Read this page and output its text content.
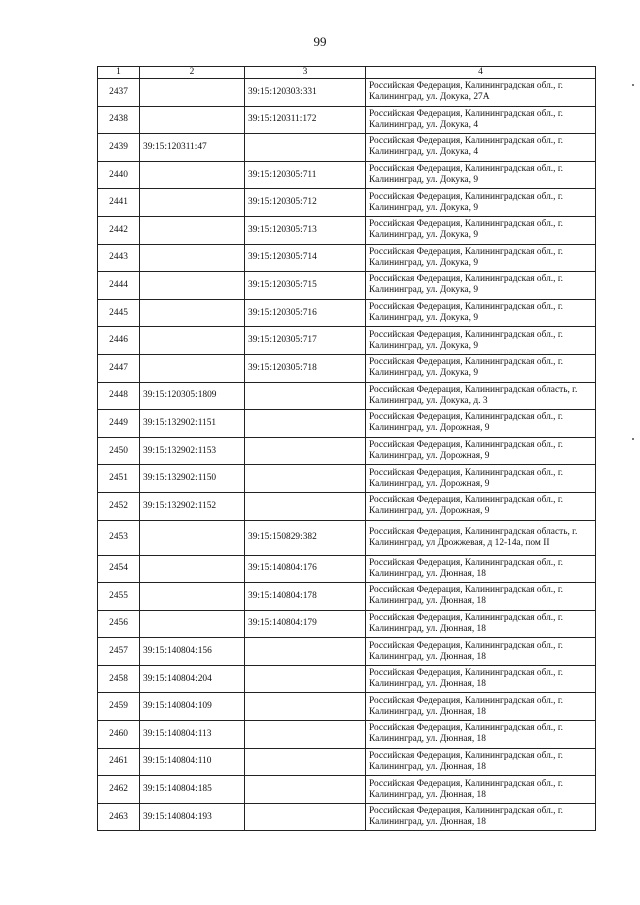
99
1	2	3	4
2437		39:15:120303:331	Российская Федерация, Калининградская обл., г. Калининград, ул. Докука, 27А
2438		39:15:120311:172	Российская Федерация, Калининградская обл., г. Калининград, ул. Докука, 4
2439	39:15:120311:47		Российская Федерация, Калининградская обл., г. Калининград, ул. Докука, 4
2440		39:15:120305:711	Российская Федерация, Калининградская обл., г. Калининград, ул. Докука, 9
2441		39:15:120305:712	Российская Федерация, Калининградская обл., г. Калининград, ул. Докука, 9
2442		39:15:120305:713	Российская Федерация, Калининградская обл., г. Калининград, ул. Докука, 9
2443		39:15:120305:714	Российская Федерация, Калининградская обл., г. Калининград, ул. Докука, 9
2444		39:15:120305:715	Российская Федерация, Калининградская обл., г. Калининград, ул. Докука, 9
2445		39:15:120305:716	Российская Федерация, Калининградская обл., г. Калининград, ул. Докука, 9
2446		39:15:120305:717	Российская Федерация, Калининградская обл., г. Калининград, ул. Докука, 9
2447		39:15:120305:718	Российская Федерация, Калининградская обл., г. Калининград, ул. Докука, 9
2448	39:15:120305:1809		Российская Федерация, Калининградская область, г. Калининград, ул. Докука, д. 3
2449	39:15:132902:1151		Российская Федерация, Калининградская обл., г. Калининград, ул. Дорожная, 9
2450	39:15:132902:1153		Российская Федерация, Калининградская обл., г. Калининград, ул. Дорожная, 9
2451	39:15:132902:1150		Российская Федерация, Калининградская обл., г. Калининград, ул. Дорожная, 9
2452	39:15:132902:1152		Российская Федерация, Калининградская обл., г. Калининград, ул. Дорожная, 9
2453		39:15:150829:382	Российская Федерация, Калининградская область, г. Калининград, ул Дрожжевая, д 12-14а, пом II
2454		39:15:140804:176	Российская Федерация, Калининградская обл., г. Калининград, ул. Дюнная, 18
2455		39:15:140804:178	Российская Федерация, Калининградская обл., г. Калининград, ул. Дюнная, 18
2456		39:15:140804:179	Российская Федерация, Калининградская обл., г. Калининград, ул. Дюнная, 18
2457	39:15:140804:156		Российская Федерация, Калининградская обл., г. Калининград, ул. Дюнная, 18
2458	39:15:140804:204		Российская Федерация, Калининградская обл., г. Калининград, ул. Дюнная, 18
2459	39:15:140804:109		Российская Федерация, Калининградская обл., г. Калининград, ул. Дюнная, 18
2460	39:15:140804:113		Российская Федерация, Калининградская обл., г. Калининград, ул. Дюнная, 18
2461	39:15:140804:110		Российская Федерация, Калининградская обл., г. Калининград, ул. Дюнная, 18
2462	39:15:140804:185		Российская Федерация, Калининградская обл., г. Калининград, ул. Дюнная, 18
2463	39:15:140804:193		Российская Федерация, Калининградская обл., г. Калининград, ул. Дюнная, 18
